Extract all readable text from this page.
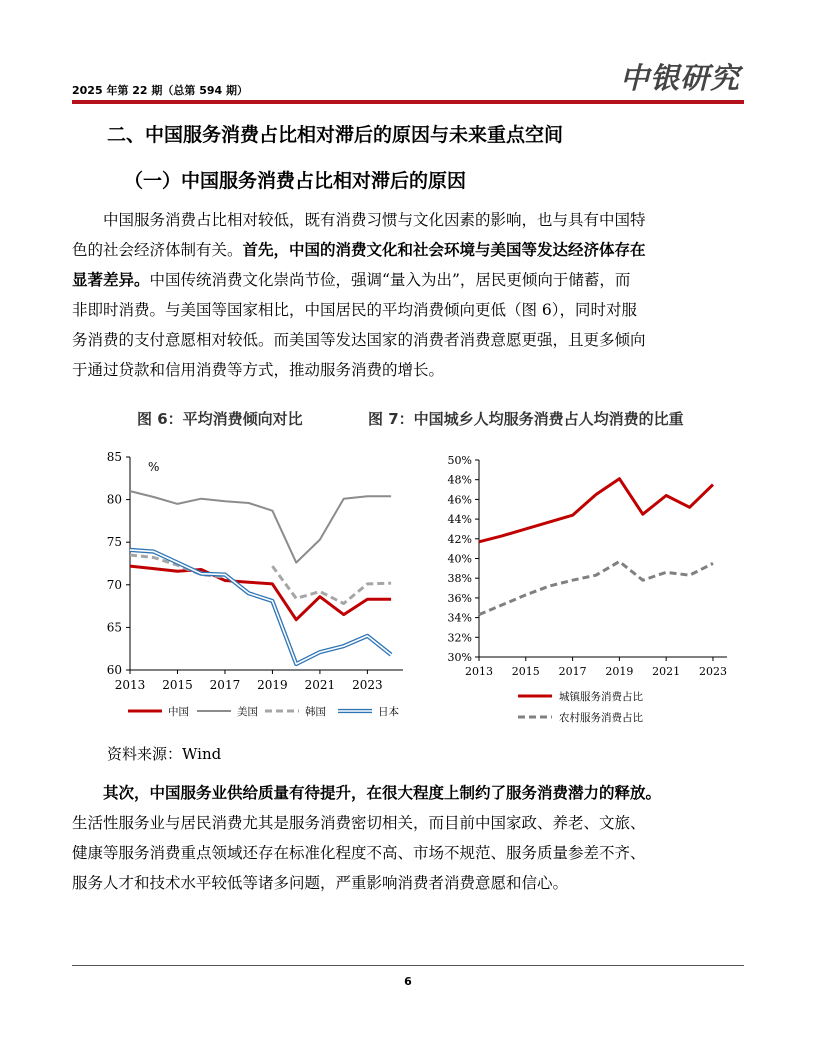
2025 年第 22 期（总第 594 期）	中银研究
二、中国服务消费占比相对滞后的原因与未来重点空间
（一）中国服务消费占比相对滞后的原因
　　中国服务消费占比相对较低，既有消费习惯与文化因素的影响，也与具有中国特
色的社会经济体制有关。首先，中国的消费文化和社会环境与美国等发达经济体存在
显著差异。中国传统消费文化崇尚节俭，强调“量入为出”，居民更倾向于储蓄，而
非即时消费。与美国等国家相比，中国居民的平均消费倾向更低（图 6），同时对服
务消费的支付意愿相对较低。而美国等发达国家的消费者消费意愿更强，且更多倾向
于通过贷款和信用消费等方式，推动服务消费的增长。
图 6：平均消费倾向对比	图 7：中国城乡人均服务消费占人均消费的比重
60
65
70
75
80
85
2013 2015 2017 2019 2021 2023
%
中国	美国	韩国	日本
30%
32%
34%
36%
38%
40%
42%
44%
46%
48%
50%
2013 2015 2017 2019 2021 2023
城镇服务消费占比
农村服务消费占比
资料来源：Wind
　　其次，中国服务业供给质量有待提升，在很大程度上制约了服务消费潜力的释放。
生活性服务业与居民消费尤其是服务消费密切相关，而目前中国家政、养老、文旅、
健康等服务消费重点领域还存在标准化程度不高、市场不规范、服务质量参差不齐、
服务人才和技术水平较低等诸多问题，严重影响消费者消费意愿和信心。
6
